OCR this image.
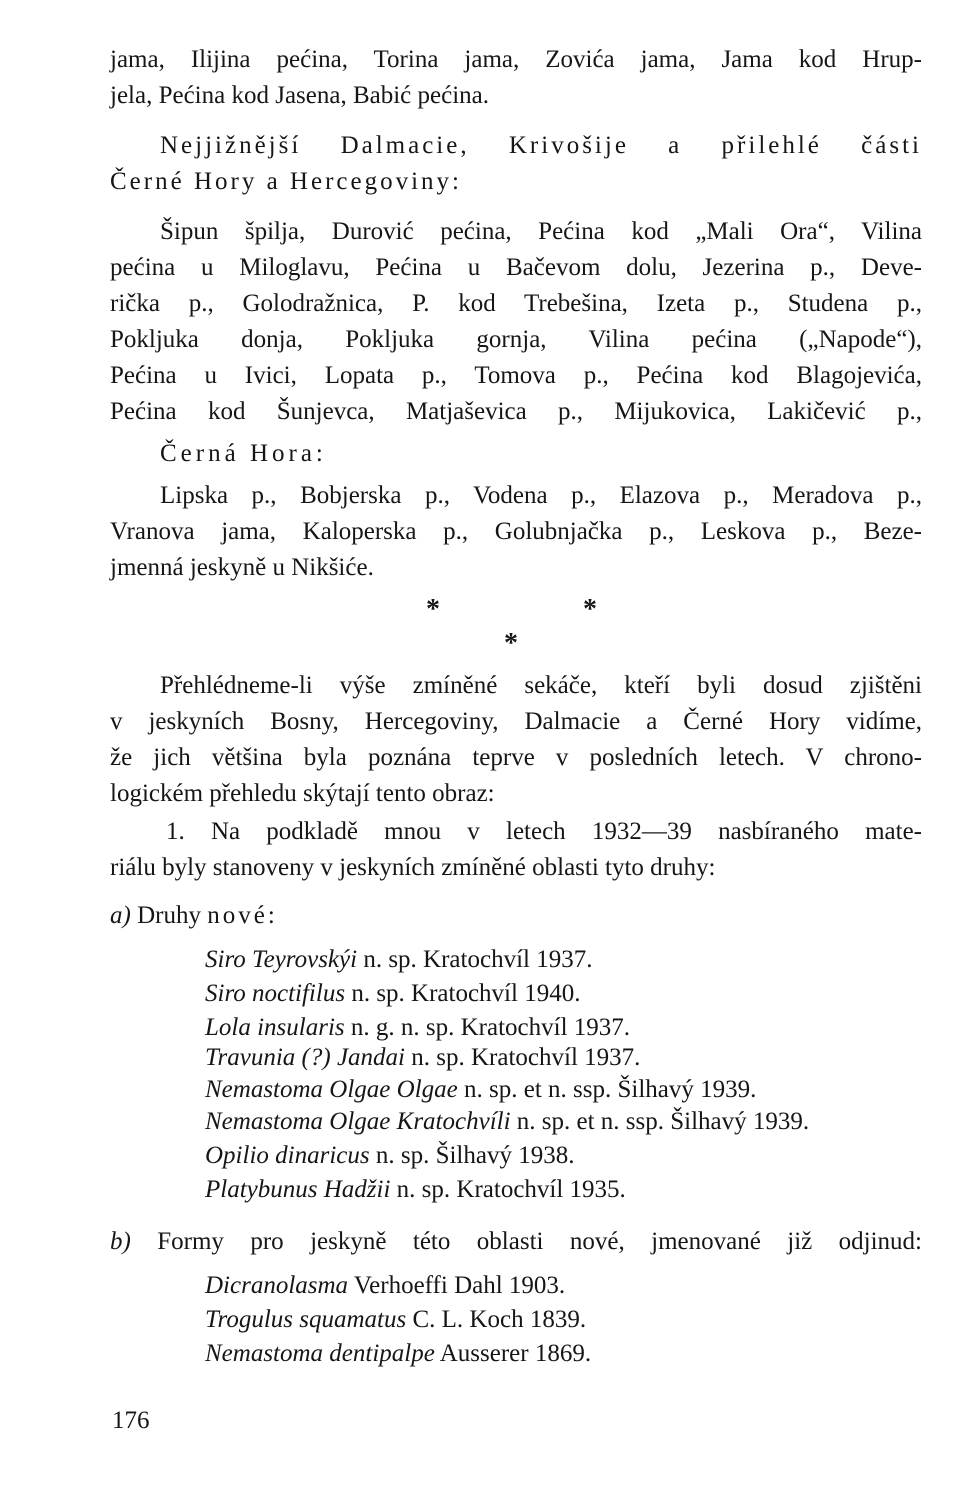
jama, Ilijina pećina, Torina jama, Zovića jama, Jama kod Hrup-

jela, Pećina kod Jasena, Babić pećina.

Nejjižnější Dalmacie, Krivošije a přilehlé části

Černé Hory a Hercegoviny:

Šipun špilja, Durović pećina, Pećina kod „Mali Ora“, Vilina

pećina u Miloglavu, Pećina u Bačevom dolu, Jezerina p., Deve-

rička p., Golodražnica, P. kod Trebešina, Izeta p., Studena p.,

Pokljuka donja, Pokljuka gornja, Vilina pećina („Napode“),

Pećina u Ivici, Lopata p., Tomova p., Pećina kod Blagojevića,

Pećina kod Šunjevca, Matjaševica p., Mijukovica, Lakičević p.,

Černá Hora:

Lipska p., Bobjerska p., Vodena p., Elazova p., Meradova p.,

Vranova jama, Kaloperska p., Golubnjačka p., Leskova p., Beze-

jmenná jeskyně u Nikšiće.

*	*
*

Přehlédneme-li výše zmíněné sekáče, kteří byli dosud zjištěni

v jeskyních Bosny, Hercegoviny, Dalmacie a Černé Hory vidíme,

že jich většina byla poznána teprve v posledních letech. V chrono-

logickém přehledu skýtají tento obraz:

1. Na podkladě mnou v letech 1932—39 nasbíraného mate-

riálu byly stanoveny v jeskyních zmíněné oblasti tyto druhy:

a) Druhy nové:

Siro Teyrovskýi n. sp. Kratochvíl 1937.
Siro noctifilus n. sp. Kratochvíl 1940.
Lola insularis n. g. n. sp. Kratochvíl 1937.
Travunia (?) Jandai n. sp. Kratochvíl 1937.
Nemastoma Olgae Olgae n. sp. et n. ssp. Šilhavý 1939.
Nemastoma Olgae Kratochvíli n. sp. et n. ssp. Šilhavý 1939.
Opilio dinaricus n. sp. Šilhavý 1938.
Platybunus Hadžii n. sp. Kratochvíl 1935.

b) Formy pro jeskyně této oblasti nové, jmenované již odjinud:

Dicranolasma Verhoeffi Dahl 1903.
Trogulus squamatus C. L. Koch 1839.
Nemastoma dentipalpe Ausserer 1869.
176
